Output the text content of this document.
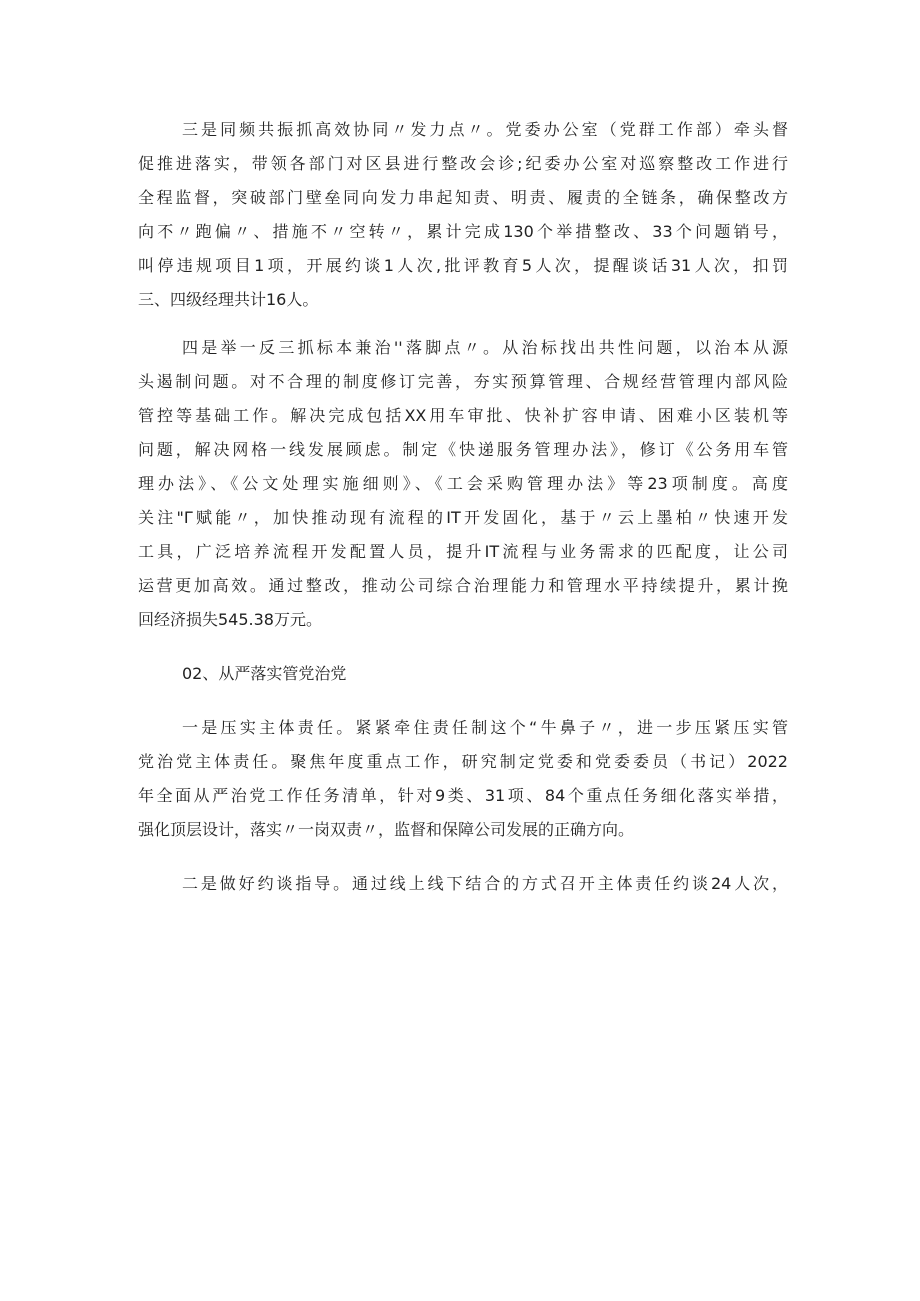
三是同频共振抓高效协同〃发力点〃。党委办公室（党群工作部）牵头督
促推进落实，带领各部门对区县进行整改会诊;纪委办公室对巡察整改工作进行
全程监督，突破部门壁垒同向发力串起知责、明责、履责的全链条，确保整改方
向不〃跑偏〃、措施不〃空转〃，累计完成130个举措整改、33个问题销号，
叫停违规项目1项，开展约谈1人次,批评教育5人次，提醒谈话31人次，扣罚
三、四级经理共计16人。
四是举一反三抓标本兼治''落脚点〃。从治标找出共性问题，以治本从源
头遏制问题。对不合理的制度修订完善，夯实预算管理、合规经营管理内部风险
管控等基础工作。解决完成包括XX用车审批、快补扩容申请、困难小区装机等
问题，解决网格一线发展顾虑。制定《快递服务管理办法》，修订《公务用车管
理办法》、《公文处理实施细则》、《工会采购管理办法》等23项制度。高度
关注"Γ赋能〃，加快推动现有流程的IT开发固化，基于〃云上墨柏〃快速开发
工具，广泛培养流程开发配置人员，提升IT流程与业务需求的匹配度，让公司
运营更加高效。通过整改，推动公司综合治理能力和管理水平持续提升，累计挽
回经济损失545.38万元。
02、从严落实管党治党
一是压实主体责任。紧紧牵住责任制这个“牛鼻子〃，进一步压紧压实管
党治党主体责任。聚焦年度重点工作，研究制定党委和党委委员（书记）2022
年全面从严治党工作任务清单，针对9类、31项、84个重点任务细化落实举措，
强化顶层设计，落实〃一岗双责〃，监督和保障公司发展的正确方向。
二是做好约谈指导。通过线上线下结合的方式召开主体责任约谈24人次，
